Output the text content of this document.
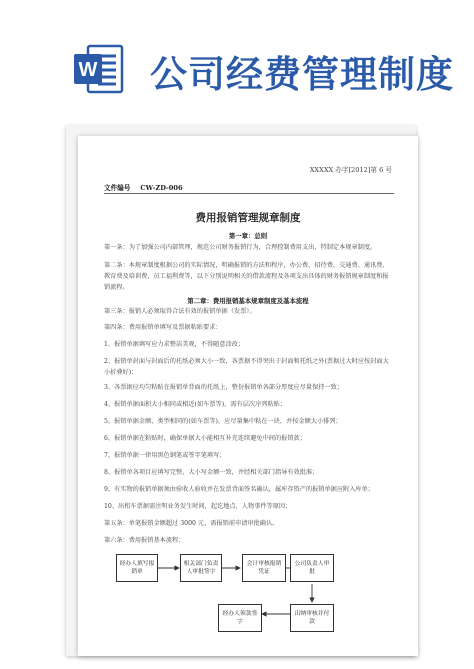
W 公司经费管理制度
XXXXX 办字[2012]第 6 号
文件编号 CW-ZD-006
费用报销管理规章制度
第一章：总则
第一条：为了加强公司内部管理，规范公司财务报销行为，合理控制费用支出，特制定本规章制度。
第二条：本规章制度根据公司的实际情况，明确报销的方法和程序，办公费、招待费、交通费、通讯费、教育费及培训费、员工福利费等，以下分别说明相关的借款流程及各项支出具体的财务报销规章制度和报销流程。
第二章：费用报销基本规章制度及基本流程
第三条：报销人必须取得合法有效的报销单据（发票）。
第四条：费用报销单填写及票据粘贴要求：
1、报销单据填写应力求整洁美观，不得随意涂改；
2、报销单封面与封面后的托纸必须大小一致，各票据不得突出于封面和托纸之外(票据过大时应按封面大小折叠好)；
3、各票据应均匀粘贴在报销单背面的托纸上，整份报销单各部分厚度应尽量保持一致；
4、报销单据面积大小相同或相近(如车票等)，需有层次序列粘贴；
5、报销单据金额、类型相同的(如车票等)，应尽量集中粘在一块，并按金额大小排列；
6、报销单据在粘贴时，确保单据大小能相互补充连续避免中间的报销款；
7、报销单据一律用黑色钢笔或签字笔填写；
8、报销单各项目应填写完整，大小写金额一致，并经相关部门指导有效批准；
9、有实物的报销单据须由验收人验收并在发票背面签名确认，属库存资产的报销单据应附入库单；
10、出租车票据需注明业务发生时间，起讫地点，人物事件等原因；
第五条：单笔报销金额超过 3000 元，需报销前申请审批确认。
第六条：费用报销基本流程：
经办人填写报销单
相关部门负责人审批签字
会计审核报销凭证
公司负责人审批
出纳审核并付款
经办人领款签字
